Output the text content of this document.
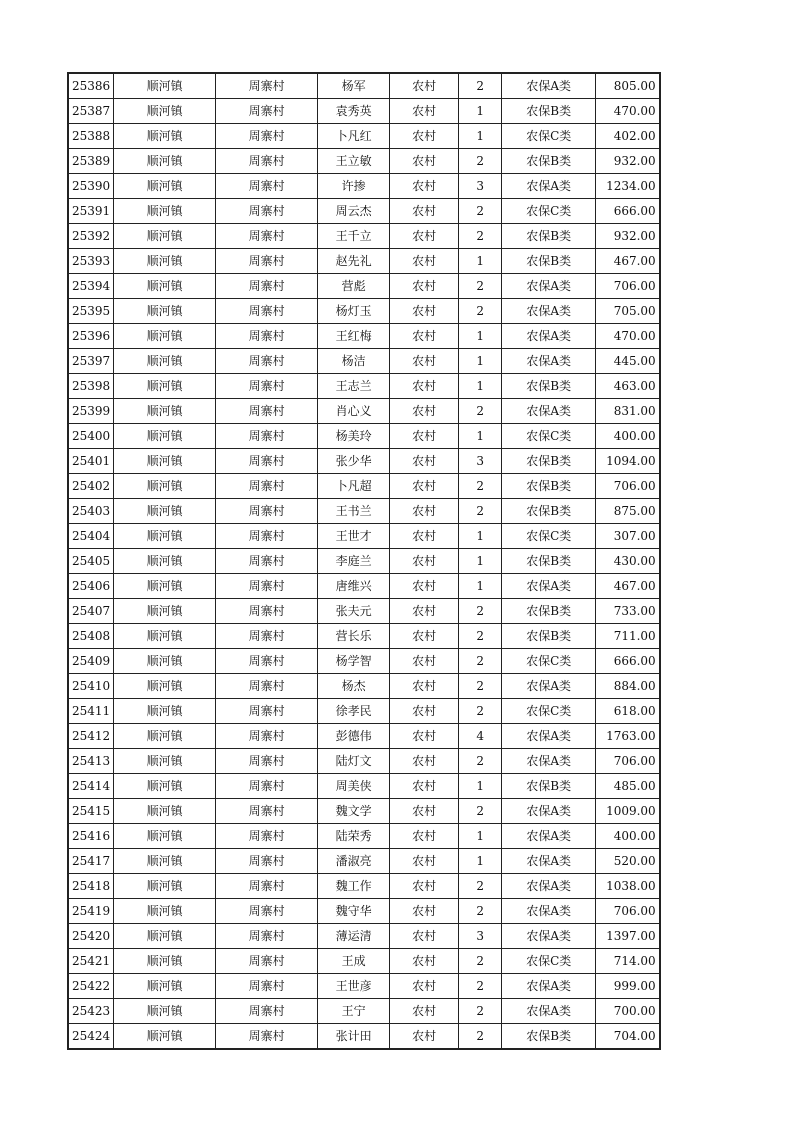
25386	顺河镇	周寨村	杨军	农村	2	农保A类	805.00
25387	顺河镇	周寨村	袁秀英	农村	1	农保B类	470.00
25388	顺河镇	周寨村	卜凡红	农村	1	农保C类	402.00
25389	顺河镇	周寨村	王立敏	农村	2	农保B类	932.00
25390	顺河镇	周寨村	许掺	农村	3	农保A类	1234.00
25391	顺河镇	周寨村	周云杰	农村	2	农保C类	666.00
25392	顺河镇	周寨村	王千立	农村	2	农保B类	932.00
25393	顺河镇	周寨村	赵先礼	农村	1	农保B类	467.00
25394	顺河镇	周寨村	营彪	农村	2	农保A类	706.00
25395	顺河镇	周寨村	杨灯玉	农村	2	农保A类	705.00
25396	顺河镇	周寨村	王红梅	农村	1	农保A类	470.00
25397	顺河镇	周寨村	杨洁	农村	1	农保A类	445.00
25398	顺河镇	周寨村	王志兰	农村	1	农保B类	463.00
25399	顺河镇	周寨村	肖心义	农村	2	农保A类	831.00
25400	顺河镇	周寨村	杨美玲	农村	1	农保C类	400.00
25401	顺河镇	周寨村	张少华	农村	3	农保B类	1094.00
25402	顺河镇	周寨村	卜凡超	农村	2	农保B类	706.00
25403	顺河镇	周寨村	王书兰	农村	2	农保B类	875.00
25404	顺河镇	周寨村	王世才	农村	1	农保C类	307.00
25405	顺河镇	周寨村	李庭兰	农村	1	农保B类	430.00
25406	顺河镇	周寨村	唐维兴	农村	1	农保A类	467.00
25407	顺河镇	周寨村	张夫元	农村	2	农保B类	733.00
25408	顺河镇	周寨村	营长乐	农村	2	农保B类	711.00
25409	顺河镇	周寨村	杨学智	农村	2	农保C类	666.00
25410	顺河镇	周寨村	杨杰	农村	2	农保A类	884.00
25411	顺河镇	周寨村	徐孝民	农村	2	农保C类	618.00
25412	顺河镇	周寨村	彭德伟	农村	4	农保A类	1763.00
25413	顺河镇	周寨村	陆灯文	农村	2	农保A类	706.00
25414	顺河镇	周寨村	周美侠	农村	1	农保B类	485.00
25415	顺河镇	周寨村	魏文学	农村	2	农保A类	1009.00
25416	顺河镇	周寨村	陆荣秀	农村	1	农保A类	400.00
25417	顺河镇	周寨村	潘淑亮	农村	1	农保A类	520.00
25418	顺河镇	周寨村	魏工作	农村	2	农保A类	1038.00
25419	顺河镇	周寨村	魏守华	农村	2	农保A类	706.00
25420	顺河镇	周寨村	薄运清	农村	3	农保A类	1397.00
25421	顺河镇	周寨村	王成	农村	2	农保C类	714.00
25422	顺河镇	周寨村	王世彦	农村	2	农保A类	999.00
25423	顺河镇	周寨村	王宁	农村	2	农保A类	700.00
25424	顺河镇	周寨村	张计田	农村	2	农保B类	704.00
